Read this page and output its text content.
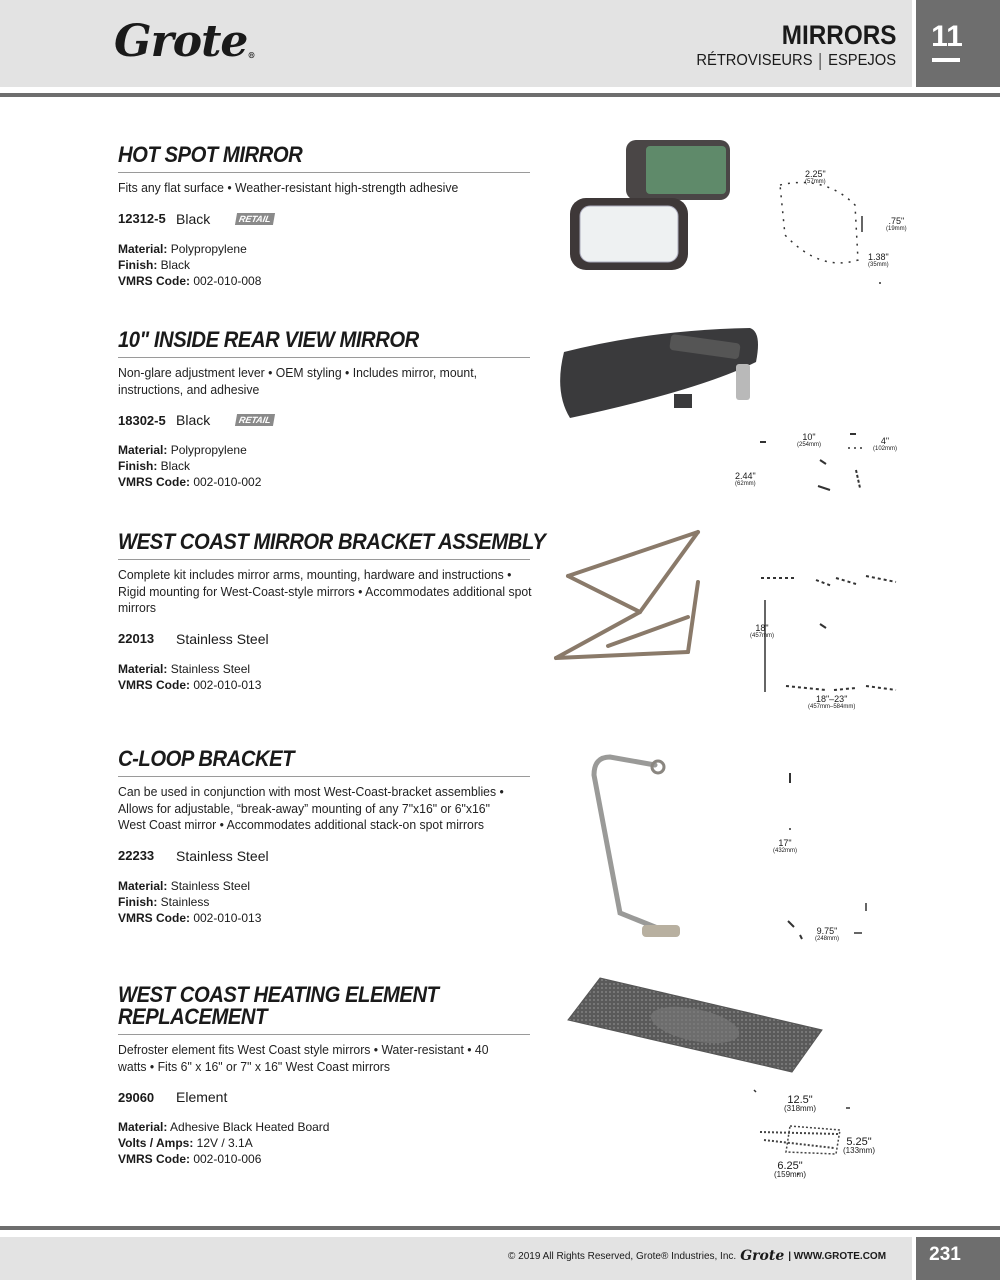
Grote®
MIRRORS
RÉTROVISEURS ESPEJOS
11
HOT SPOT MIRROR
Fits any flat surface • Weather-resistant high-strength adhesive
12312-5 Black	RETAIL
Material: Polypropylene
Finish: Black
VMRS Code: 002-010-008
2.25"
(57mm)
.75"
(19mm)
1.38"
(35mm)
10" INSIDE REAR VIEW MIRROR
Non-glare adjustment lever • OEM styling • Includes mirror, mount, instructions, and adhesive
18302-5 Black	RETAIL
Material: Polypropylene
Finish: Black
VMRS Code: 002-010-002
10"
(254mm)	4"
(102mm)
2.44"
(62mm)
WEST COAST MIRROR BRACKET ASSEMBLY
Complete kit includes mirror arms, mounting, hardware and instructions • Rigid mounting for West-Coast-style mirrors • Accommodates additional spot mirrors
22013	Stainless Steel
Material: Stainless Steel
VMRS Code: 002-010-013
18"
(457mm)
18"–23"
(457mm–584mm)
C-LOOP BRACKET
Can be used in conjunction with most West-Coast-bracket assemblies • Allows for adjustable, “break-away” mounting of any 7"x16" or 6"x16" West Coast mirror • Accommodates additional stack-on spot mirrors
22233	Stainless Steel
Material: Stainless Steel
Finish: Stainless
VMRS Code: 002-010-013
17"
(432mm)
9.75"
(248mm)
WEST COAST HEATING ELEMENT
REPLACEMENT
Defroster element fits West Coast style mirrors • Water-resistant • 40 watts • Fits 6" x 16" or 7" x 16" West Coast mirrors
29060	Element
Material: Adhesive Black Heated Board
Volts / Amps: 12V / 3.1A
VMRS Code: 002-010-006
12.5"
(318mm)
5.25"
(133mm)
6.25"
(159mm)
© 2019 All Rights Reserved, Grote® Industries, Inc. Grote | WWW.GROTE.COM	231
